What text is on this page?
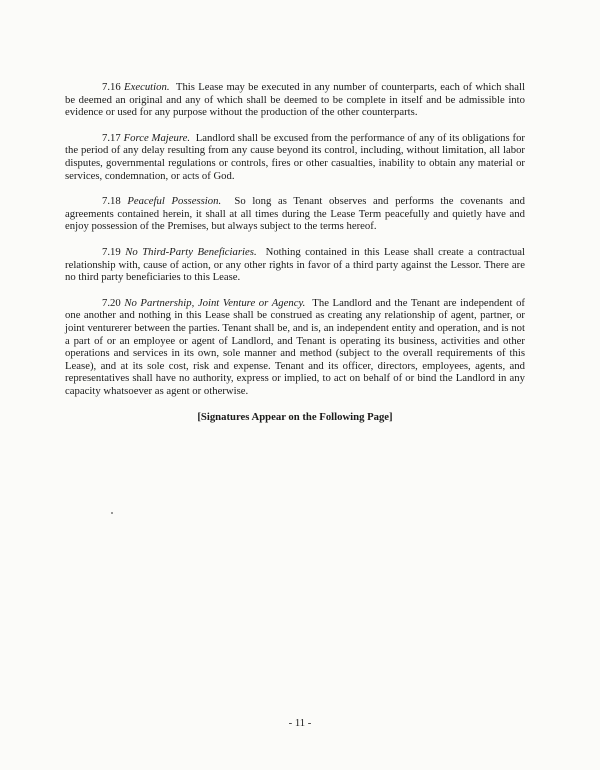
7.16 Execution. This Lease may be executed in any number of counterparts, each of which shall be deemed an original and any of which shall be deemed to be complete in itself and be admissible into evidence or used for any purpose without the production of the other counterparts.

7.17 Force Majeure. Landlord shall be excused from the performance of any of its obligations for the period of any delay resulting from any cause beyond its control, including, without limitation, all labor disputes, governmental regulations or controls, fires or other casualties, inability to obtain any material or services, condemnation, or acts of God.

7.18 Peaceful Possession. So long as Tenant observes and performs the covenants and agreements contained herein, it shall at all times during the Lease Term peacefully and quietly have and enjoy possession of the Premises, but always subject to the terms hereof.

7.19 No Third-Party Beneficiaries. Nothing contained in this Lease shall create a contractual relationship with, cause of action, or any other rights in favor of a third party against the Lessor. There are no third party beneficiaries to this Lease.

7.20 No Partnership, Joint Venture or Agency. The Landlord and the Tenant are independent of one another and nothing in this Lease shall be construed as creating any relationship of agent, partner, or joint venturerer between the parties. Tenant shall be, and is, an independent entity and operation, and is not a part of or an employee or agent of Landlord, and Tenant is operating its business, activities and other operations and services in its own, sole manner and method (subject to the overall requirements of this Lease), and at its sole cost, risk and expense. Tenant and its officer, directors, employees, agents, and representatives shall have no authority, express or implied, to act on behalf of or bind the Landlord in any capacity whatsoever as agent or otherwise.

[Signatures Appear on the Following Page]
- 11 -
